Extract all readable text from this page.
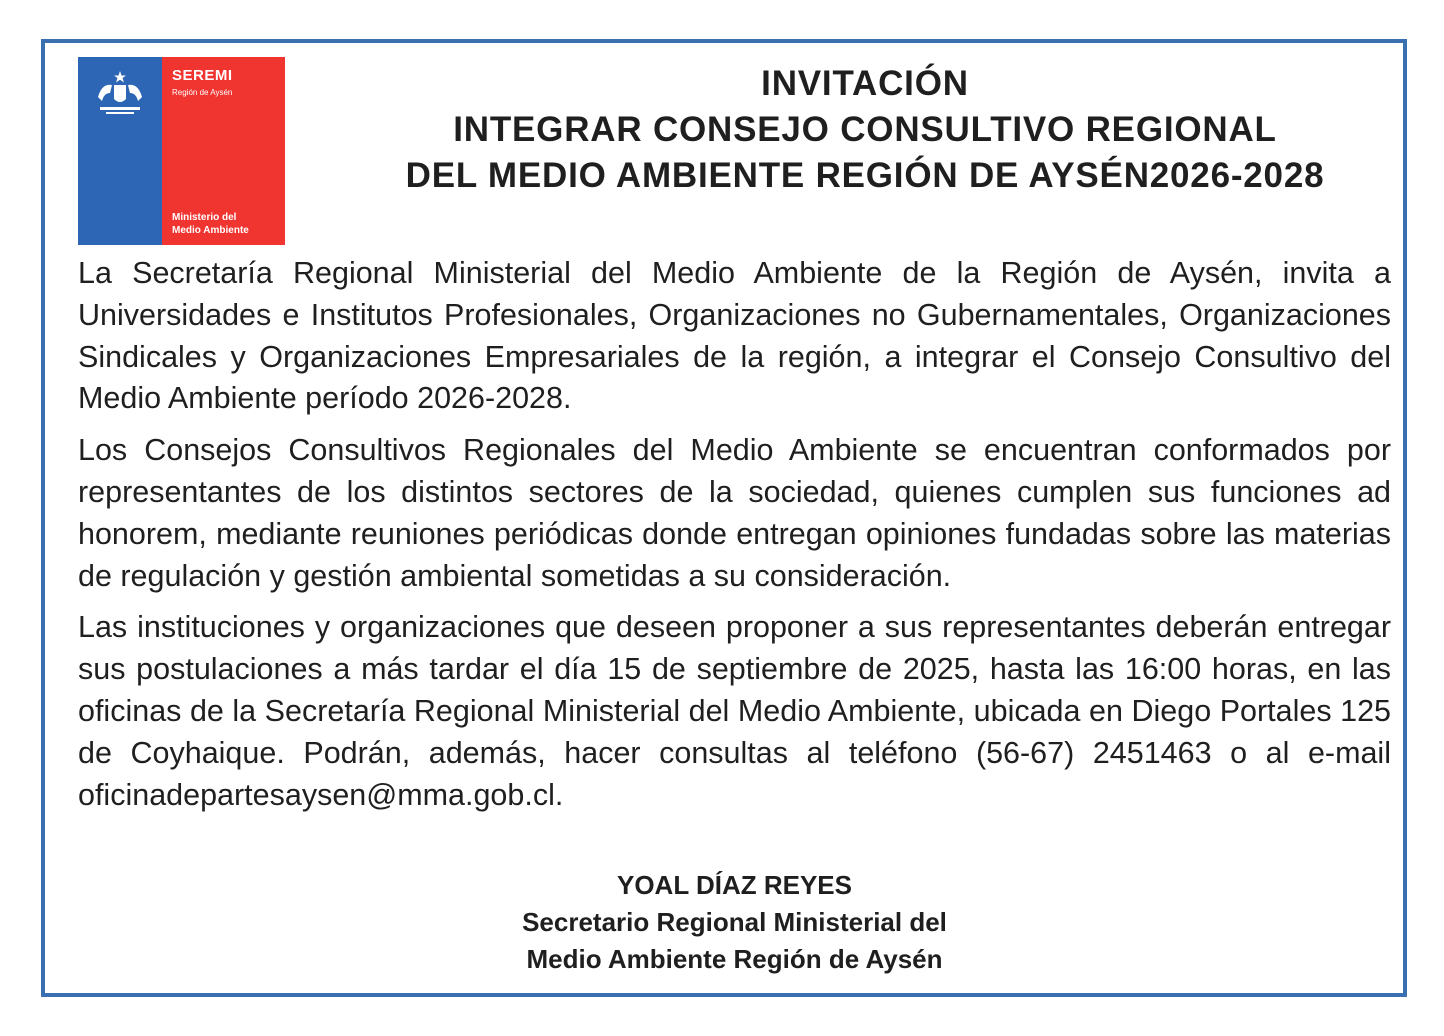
SEREMI
Región de Aysén
Ministerio del
Medio Ambiente
INVITACIÓN
INTEGRAR CONSEJO CONSULTIVO REGIONAL
DEL MEDIO AMBIENTE REGIÓN DE AYSÉN2026-2028

La Secretaría Regional Ministerial del Medio Ambiente de la Región de Aysén, invita a Universidades e Institutos Profesionales, Organizaciones no Gubernamentales, Organizaciones Sindicales y Organizaciones Empresariales de la región, a integrar el Consejo Consultivo del Medio Ambiente período 2026-2028.

Los Consejos Consultivos Regionales del Medio Ambiente se encuentran conformados por representantes de los distintos sectores de la sociedad, quienes cumplen sus funciones ad honorem, mediante reuniones periódicas donde entregan opiniones fundadas sobre las materias de regulación y gestión ambiental sometidas a su consideración.

Las instituciones y organizaciones que deseen proponer a sus representantes deberán entregar sus postulaciones a más tardar el día 15 de septiembre de 2025, hasta las 16:00 horas, en las oficinas de la Secretaría Regional Ministerial del Medio Ambiente, ubicada en Diego Portales 125 de Coyhaique. Podrán, además, hacer consultas al teléfono (56-67) 2451463 o al e-mail oficinadepartesaysen@mma.gob.cl.

YOAL DÍAZ REYES
Secretario Regional Ministerial del
Medio Ambiente Región de Aysén
